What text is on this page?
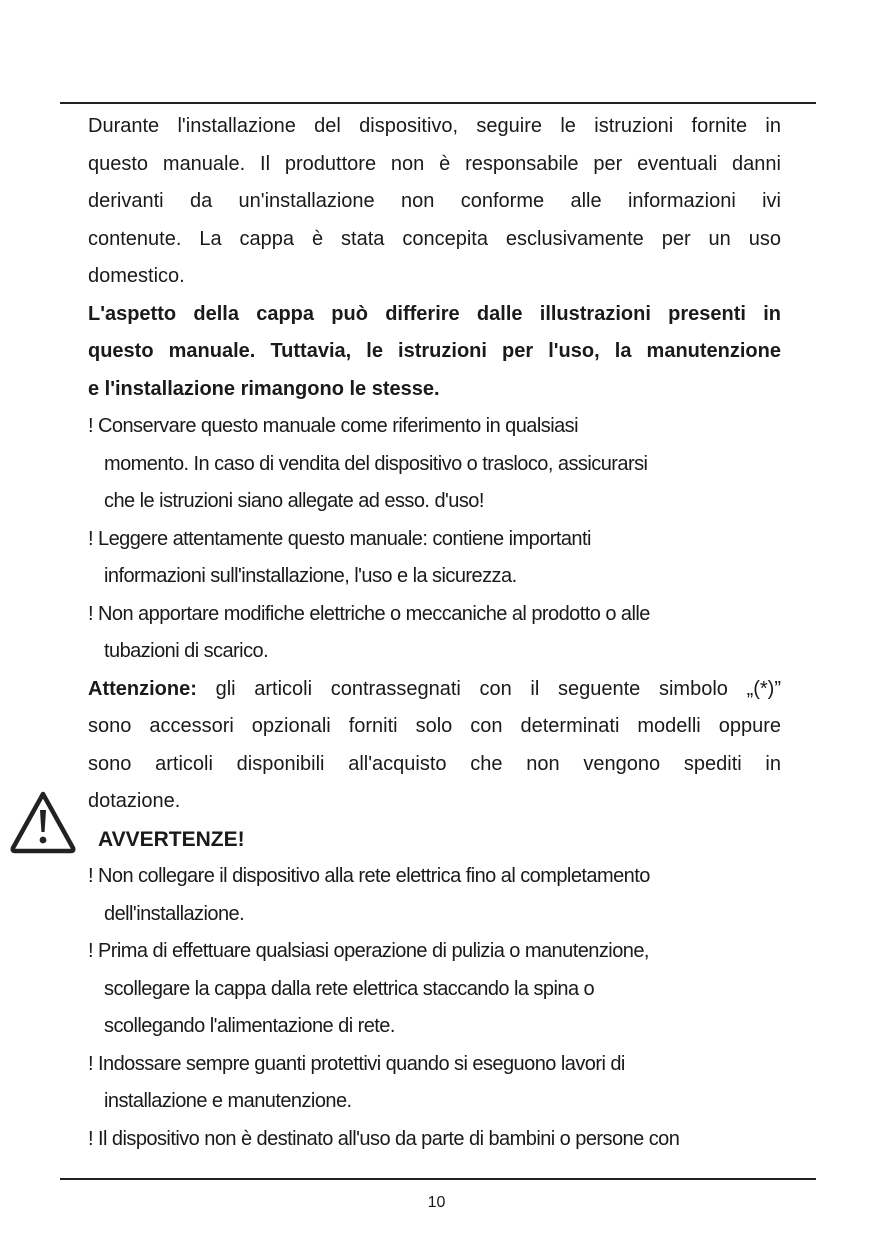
Durante l'installazione del dispositivo, seguire le istruzioni fornite in
questo manuale. Il produttore non è responsabile per eventuali danni
derivanti da un'installazione non conforme alle informazioni ivi
contenute. La cappa è stata concepita esclusivamente per un uso
domestico.
L'aspetto della cappa può differire dalle illustrazioni presenti in
questo manuale. Tuttavia, le istruzioni per l'uso, la manutenzione
e l'installazione rimangono le stesse.
! Conservare questo manuale come riferimento in qualsiasi
momento. In caso di vendita del dispositivo o trasloco, assicurarsi
che le istruzioni siano allegate ad esso. d'uso!
! Leggere attentamente questo manuale: contiene importanti
informazioni sull'installazione, l'uso e la sicurezza.
! Non apportare modifiche elettriche o meccaniche al prodotto o alle
tubazioni di scarico.
Attenzione: gli articoli contrassegnati con il seguente simbolo „(*)”
sono accessori opzionali forniti solo con determinati modelli oppure
sono articoli disponibili all'acquisto che non vengono spediti in
dotazione.
AVVERTENZE!
! Non collegare il dispositivo alla rete elettrica fino al completamento
dell'installazione.
! Prima di effettuare qualsiasi operazione di pulizia o manutenzione,
scollegare la cappa dalla rete elettrica staccando la spina o
scollegando l'alimentazione di rete.
! Indossare sempre guanti protettivi quando si eseguono lavori di
installazione e manutenzione.
! Il dispositivo non è destinato all'uso da parte di bambini o persone con
10
